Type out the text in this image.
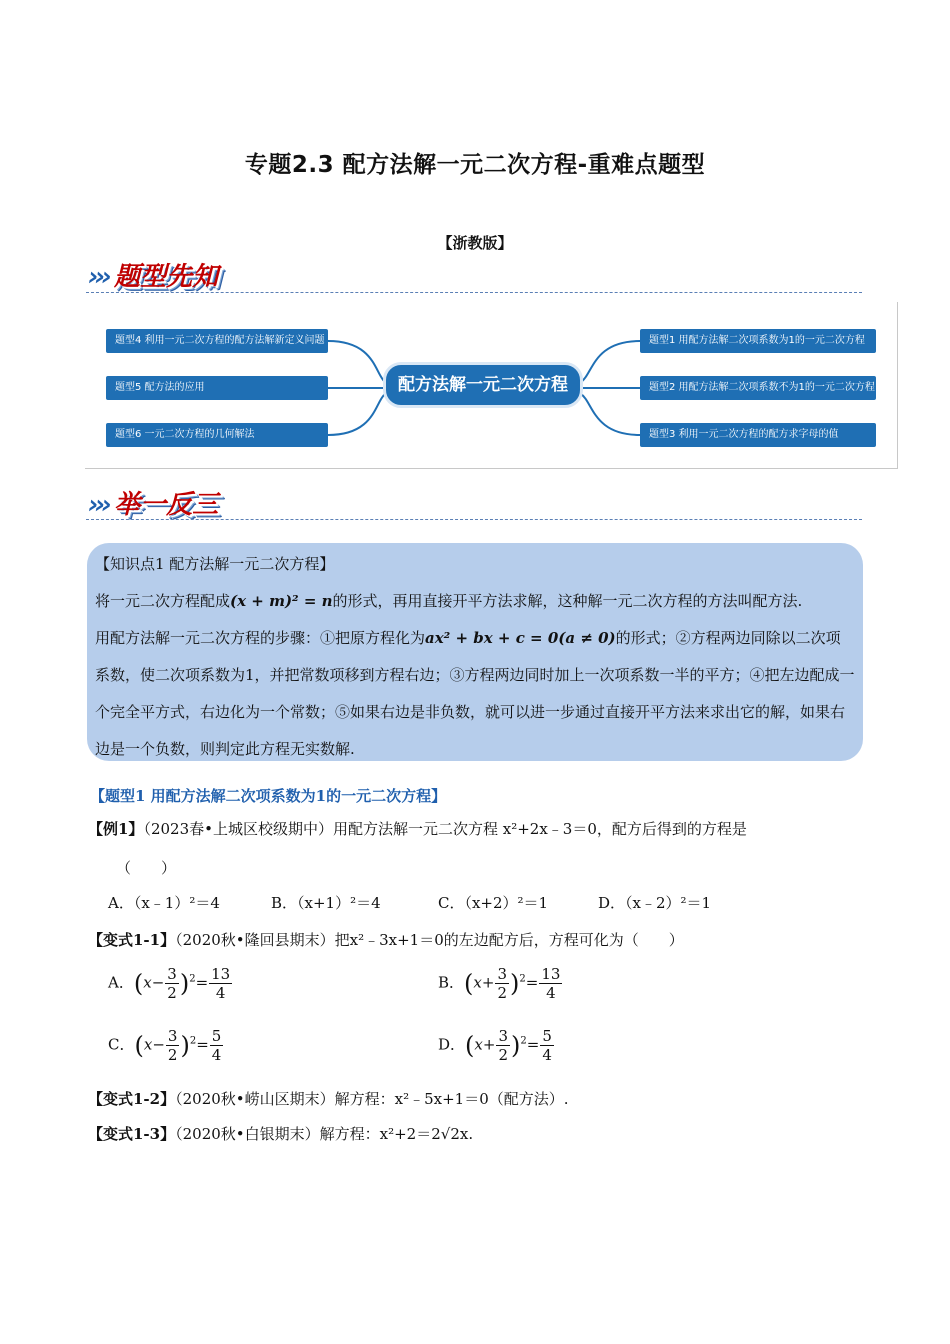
专题2.3 配方法解一元二次方程-重难点题型
【浙教版】
››› 题型先知
题型4 利用一元二次方程的配方法解新定义问题
题型5 配方法的应用
题型6 一元二次方程的几何解法
配方法解一元二次方程
题型1 用配方法解二次项系数为1的一元二次方程
题型2 用配方法解二次项系数不为1的一元二次方程
题型3 利用一元二次方程的配方求字母的值
››› 举一反三
【知识点1 配方法解一元二次方程】
将一元二次方程配成(x + m)² = n的形式，再用直接开平方法求解，这种解一元二次方程的方法叫配方法.
用配方法解一元二次方程的步骤：①把原方程化为ax² + bx + c = 0(a ≠ 0)的形式；②方程两边同除以二次项系数，使二次项系数为1，并把常数项移到方程右边；③方程两边同时加上一次项系数一半的平方；④把左边配成一个完全平方式，右边化为一个常数；⑤如果右边是非负数，就可以进一步通过直接开平方法来求出它的解，如果右边是一个负数，则判定此方程无实数解.
【题型1 用配方法解二次项系数为1的一元二次方程】
【例1】（2023春•上城区校级期中）用配方法解一元二次方程 x²+2x﹣3＝0，配方后得到的方程是
（　　）
A．（x﹣1）²＝4	B．（x+1）²＝4	C．（x+2）²＝1	D．（x﹣2）²＝1
【变式1-1】（2020秋•隆回县期末）把x²﹣3x+1＝0的左边配方后，方程可化为（　　）
A．$(x- \frac{3}{2} )^2= \frac{13}{4}$	B．$(x+ \frac{3}{2} )^2= \frac{13}{4}$
C．$(x- \frac{3}{2} )^2= \frac{5}{4}$	D．$(x+ \frac{3}{2} )^2= \frac{5}{4}$
【变式1-2】（2020秋•崂山区期末）解方程：x²﹣5x+1＝0（配方法）.
【变式1-3】（2020秋•白银期末）解方程：x²+2＝2√2x.
